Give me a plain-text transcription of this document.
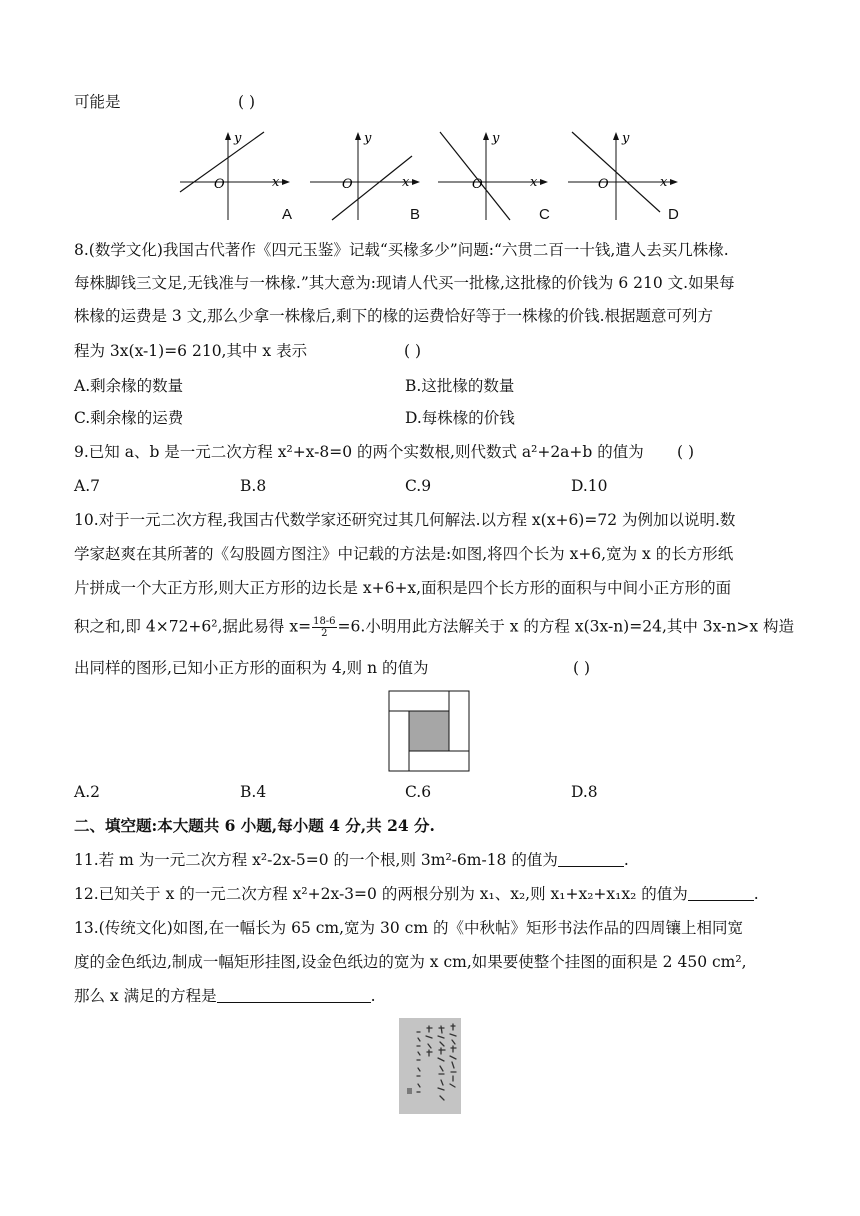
可能是	( )
y
x
O
A
y
x
O
B
y
x
O
C
y
x
O
D
8.(数学文化)我国古代著作《四元玉鉴》记载“买椽多少”问题:“六贯二百一十钱,遣人去买几株椽.
每株脚钱三文足,无钱准与一株椽.”其大意为:现请人代买一批椽,这批椽的价钱为 6 210 文.如果每
株椽的运费是 3 文,那么少拿一株椽后,剩下的椽的运费恰好等于一株椽的价钱.根据题意可列方
程为 3x(x-1)=6 210,其中 x 表示	( )
A.剩余椽的数量	B.这批椽的数量
C.剩余椽的运费	D.每株椽的价钱
9.已知 a、b 是一元二次方程 x²+x-8=0 的两个实数根,则代数式 a²+2a+b 的值为 ( )
A.7	B.8	C.9	D.10
10.对于一元二次方程,我国古代数学家还研究过其几何解法.以方程 x(x+6)=72 为例加以说明.数
学家赵爽在其所著的《勾股圆方图注》中记载的方法是:如图,将四个长为 x+6,宽为 x 的长方形纸
片拼成一个大正方形,则大正方形的边长是 x+6+x,面积是四个长方形的面积与中间小正方形的面
积之和,即 4×72+6²,据此易得 $x= \frac{18-6}{2} =6$.小明用此方法解关于 x 的方程 x(3x-n)=24,其中 3x-n>x 构造
出同样的图形,已知小正方形的面积为 4,则 n 的值为	( )
A.2	B.4	C.6	D.8
二、填空题:本大题共 6 小题,每小题 4 分,共 24 分.
11.若 m 为一元二次方程 x²-2x-5=0 的一个根,则 3m²-6m-18 的值为	.
12.已知关于 x 的一元二次方程 x²+2x-3=0 的两根分别为 x₁、x₂,则 x₁+x₂+x₁x₂ 的值为	.
13.(传统文化)如图,在一幅长为 65 cm,宽为 30 cm 的《中秋帖》矩形书法作品的四周镶上相同宽
度的金色纸边,制成一幅矩形挂图,设金色纸边的宽为 x cm,如果要使整个挂图的面积是 2 450 cm²,
那么 x 满足的方程是	.
